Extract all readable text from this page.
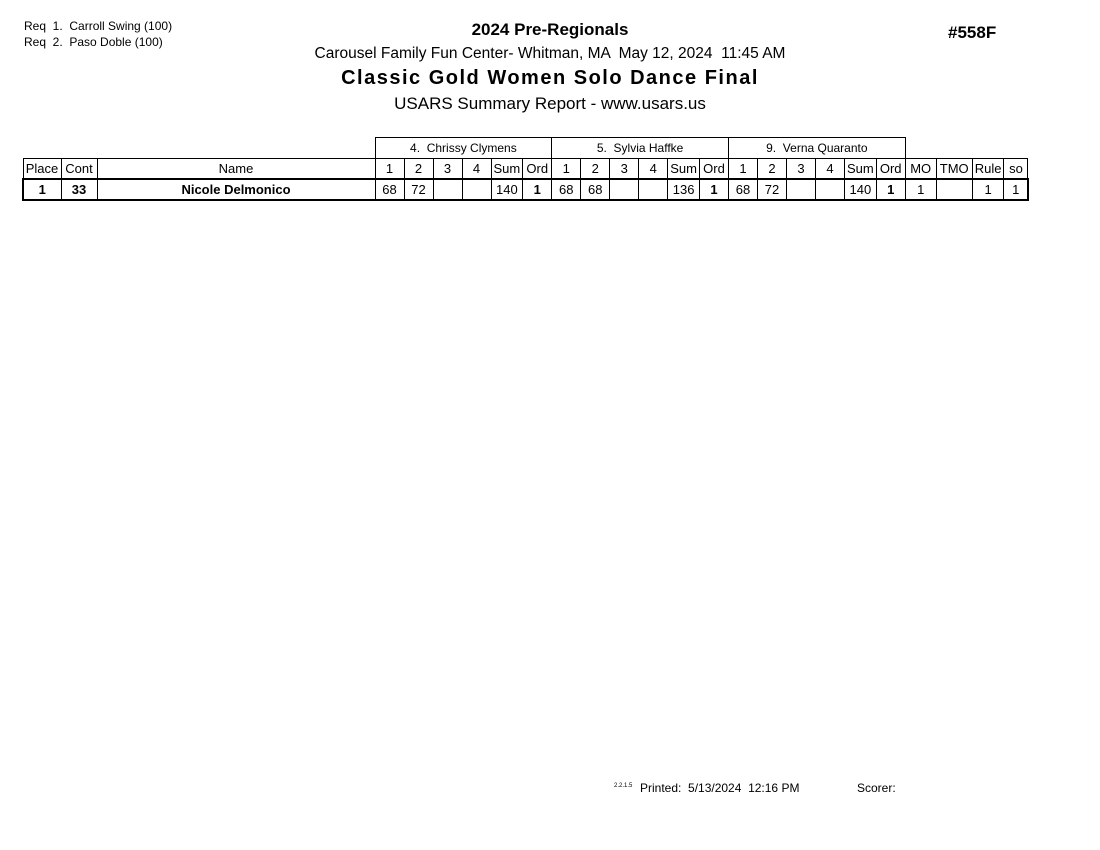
Req  1.  Carroll Swing (100)
Req  2.  Paso Doble (100)
2024 Pre-Regionals
Carousel Family Fun Center- Whitman, MA  May 12, 2024  11:45 AM
Classic Gold Women Solo Dance Final
USARS Summary Report - www.usars.us
#558F
			4.  Chrissy Clymens						5.  Sylvia Haffke						9.  Verna Quaranto									
Place	Cont	Name	1	2	3	4	Sum	Ord	1	2	3	4	Sum	Ord	1	2	3	4	Sum	Ord	MO	TMO	Rule	so
1	33	Nicole Delmonico	68	72			140	1	68	68			136	1	68	72			140	1	1		1	1
2.2.1.5 Printed:  5/13/2024  12:16 PM	Scorer:
